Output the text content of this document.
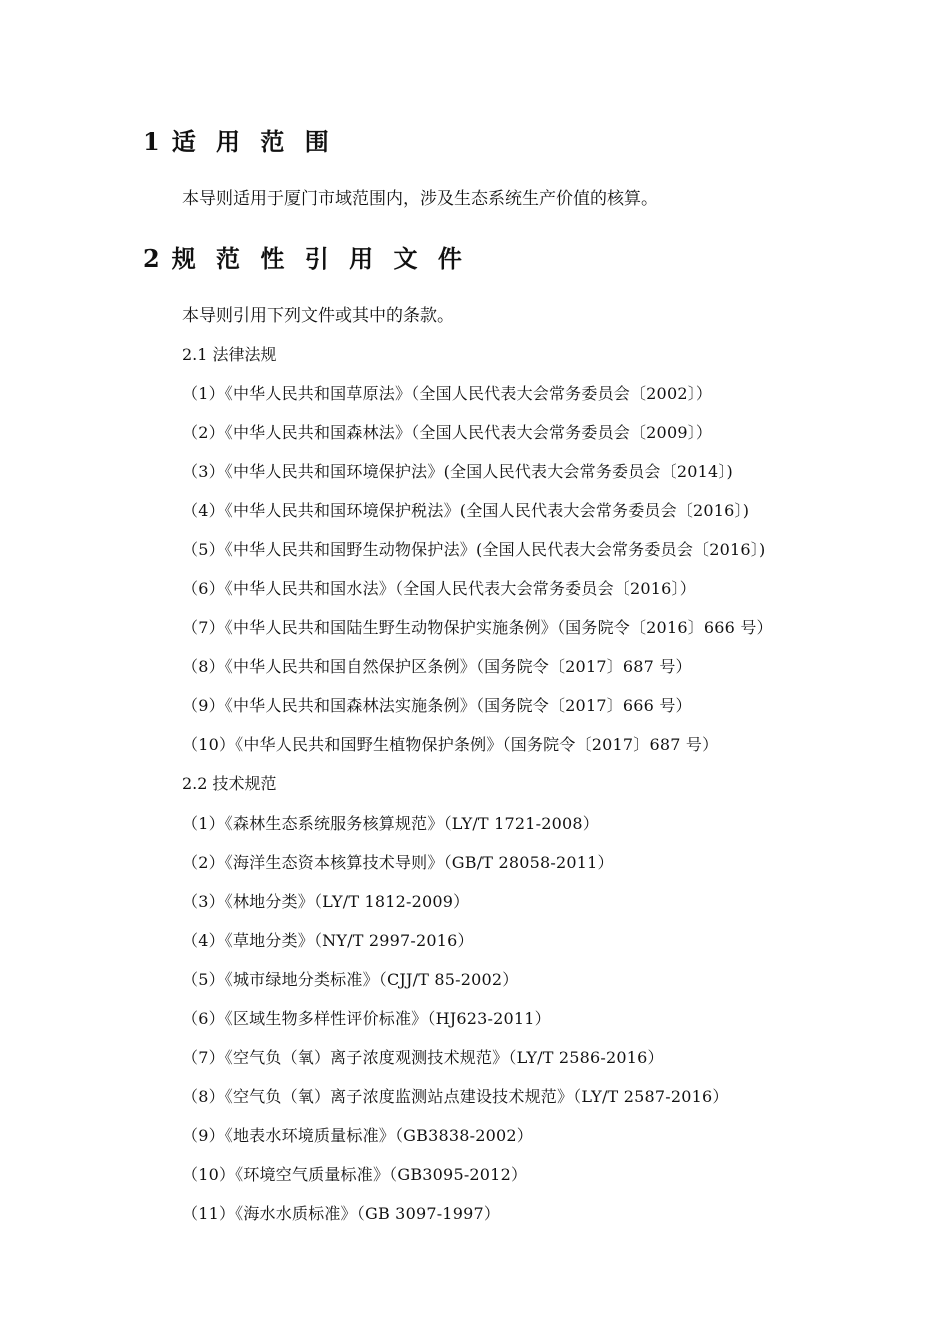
1 适 用 范 围
本导则适用于厦门市域范围内，涉及生态系统生产价值的核算。
2 规 范 性 引 用 文 件
本导则引用下列文件或其中的条款。
2.1 法律法规
（1）《中华人民共和国草原法》（全国人民代表大会常务委员会〔2002〕）
（2）《中华人民共和国森林法》（全国人民代表大会常务委员会〔2009〕）
（3）《中华人民共和国环境保护法》(全国人民代表大会常务委员会〔2014〕)
（4）《中华人民共和国环境保护税法》(全国人民代表大会常务委员会〔2016〕)
（5）《中华人民共和国野生动物保护法》(全国人民代表大会常务委员会〔2016〕)
（6）《中华人民共和国水法》（全国人民代表大会常务委员会〔2016〕）
（7）《中华人民共和国陆生野生动物保护实施条例》（国务院令〔2016〕666 号）
（8）《中华人民共和国自然保护区条例》（国务院令〔2017〕687 号）
（9）《中华人民共和国森林法实施条例》（国务院令〔2017〕666 号）
（10）《中华人民共和国野生植物保护条例》（国务院令〔2017〕687 号）
2.2 技术规范
（1）《森林生态系统服务核算规范》（LY/T 1721-2008）
（2）《海洋生态资本核算技术导则》（GB/T 28058-2011）
（3）《林地分类》（LY/T 1812-2009）
（4）《草地分类》（NY/T 2997-2016）
（5）《城市绿地分类标准》（CJJ/T 85-2002）
（6）《区域生物多样性评价标准》（HJ623-2011）
（7）《空气负（氧）离子浓度观测技术规范》（LY/T 2586-2016）
（8）《空气负（氧）离子浓度监测站点建设技术规范》（LY/T 2587-2016）
（9）《地表水环境质量标准》（GB3838-2002）
（10）《环境空气质量标准》（GB3095-2012）
（11）《海水水质标准》（GB 3097-1997）
